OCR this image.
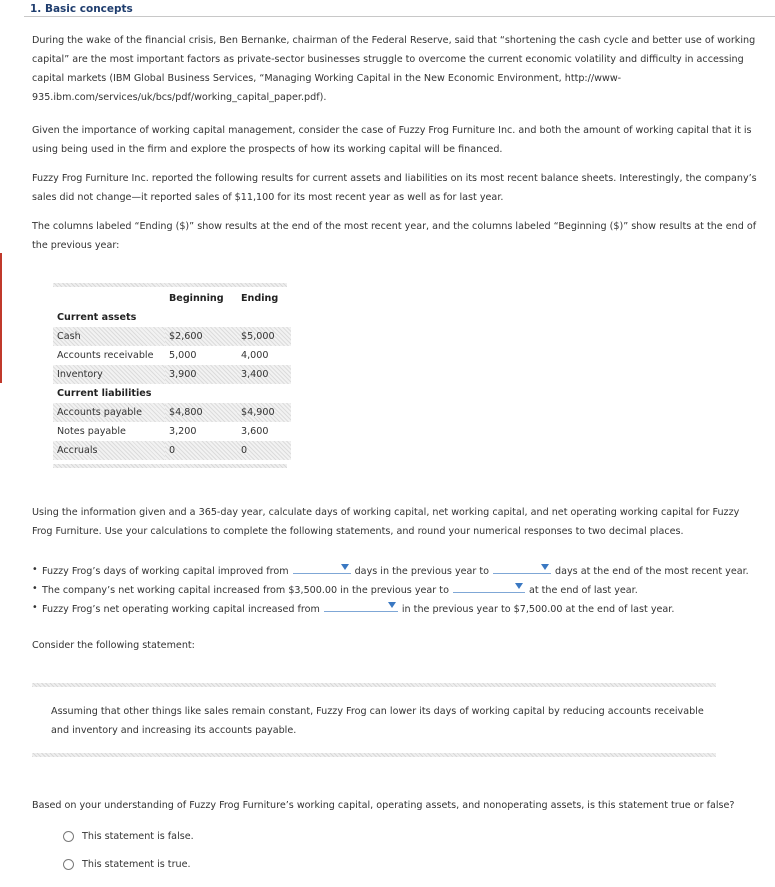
1. Basic concepts
During the wake of the financial crisis, Ben Bernanke, chairman of the Federal Reserve, said that “shortening the cash cycle and better use of working capital” are the most important factors as private-sector businesses struggle to overcome the current economic volatility and difficulty in accessing capital markets (IBM Global Business Services, “Managing Working Capital in the New Economic Environment, http://www-935.ibm.com/services/uk/bcs/pdf/working_capital_paper.pdf).
Given the importance of working capital management, consider the case of Fuzzy Frog Furniture Inc. and both the amount of working capital that it is using being used in the firm and explore the prospects of how its working capital will be financed.
Fuzzy Frog Furniture Inc. reported the following results for current assets and liabilities on its most recent balance sheets. Interestingly, the company’s sales did not change—it reported sales of $11,100 for its most recent year as well as for last year.
The columns labeled “Ending ($)” show results at the end of the most recent year, and the columns labeled “Beginning ($)” show results at the end of the previous year:
	Beginning	Ending
Current assets		
Cash	$2,600	$5,000
Accounts receivable	5,000	4,000
Inventory	3,900	3,400
Current liabilities		
Accounts payable	$4,800	$4,900
Notes payable	3,200	3,600
Accruals	0	0
Using the information given and a 365-day year, calculate days of working capital, net working capital, and net operating working capital for Fuzzy Frog Furniture. Use your calculations to complete the following statements, and round your numerical responses to two decimal places.
• Fuzzy Frog’s days of working capital improved from	days in the previous year to	days at the end of the most recent year.
• The company’s net working capital increased from $3,500.00 in the previous year to	at the end of last year.
• Fuzzy Frog’s net operating working capital increased from	in the previous year to $7,500.00 at the end of last year.
Consider the following statement:
Assuming that other things like sales remain constant, Fuzzy Frog can lower its days of working capital by reducing accounts receivable and inventory and increasing its accounts payable.
Based on your understanding of Fuzzy Frog Furniture’s working capital, operating assets, and nonoperating assets, is this statement true or false?
This statement is false.
This statement is true.
